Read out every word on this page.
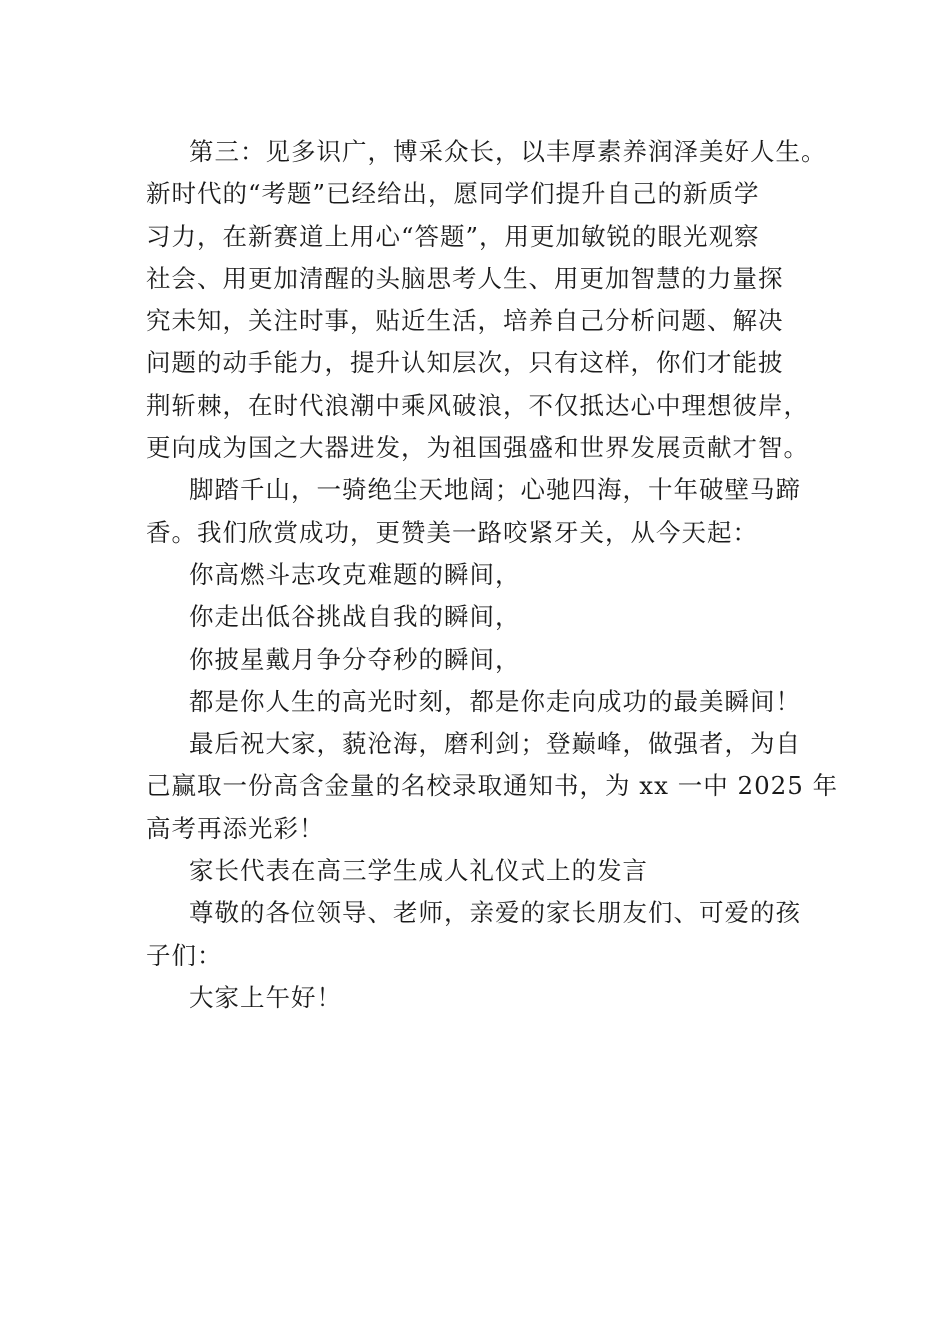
第三：见多识广，博采众长，以丰厚素养润泽美好人生。
新时代的“考题”已经给出，愿同学们提升自己的新质学
习力，在新赛道上用心“答题”，用更加敏锐的眼光观察
社会、用更加清醒的头脑思考人生、用更加智慧的力量探
究未知，关注时事，贴近生活，培养自己分析问题、解决
问题的动手能力，提升认知层次，只有这样，你们才能披
荆斩棘，在时代浪潮中乘风破浪，不仅抵达心中理想彼岸，
更向成为国之大器进发，为祖国强盛和世界发展贡献才智。
脚踏千山，一骑绝尘天地阔；心驰四海，十年破壁马蹄
香。我们欣赏成功，更赞美一路咬紧牙关，从今天起：
你高燃斗志攻克难题的瞬间，
你走出低谷挑战自我的瞬间，
你披星戴月争分夺秒的瞬间，
都是你人生的高光时刻，都是你走向成功的最美瞬间！
最后祝大家，藐沧海，磨利剑；登巅峰，做强者，为自
己赢取一份高含金量的名校录取通知书，为 xx 一中 2025 年
高考再添光彩！
家长代表在高三学生成人礼仪式上的发言
尊敬的各位领导、老师，亲爱的家长朋友们、可爱的孩
子们：
大家上午好！
